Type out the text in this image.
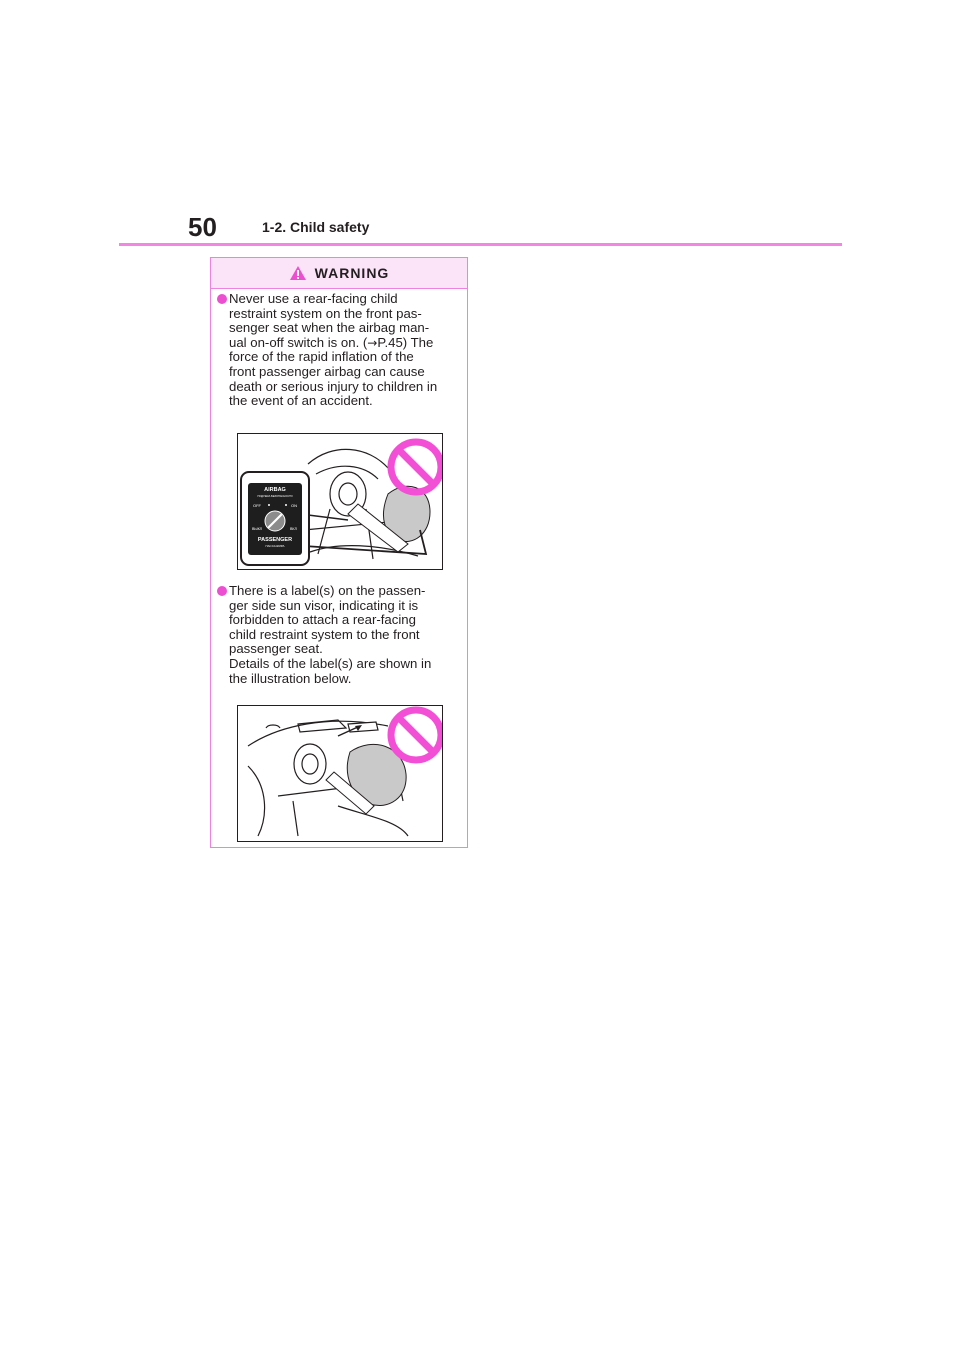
50	1-2. Child safety
WARNING
Never use a rear-facing child
restraint system on the front pas-
senger seat when the airbag man-
ual on-off switch is on. (→P.45) The
force of the rapid inflation of the
front passenger airbag can cause
death or serious injury to children in
the event of an accident.
AIRBAG
ПОДУШКА БЕЗОПАСНОСТИ
OFF	ON
ВЫКЛ	ВКЛ
PASSENGER
ПАССАЖИРА
There is a label(s) on the passen-
ger side sun visor, indicating it is
forbidden to attach a rear-facing
child restraint system to the front
passenger seat.
Details of the label(s) are shown in
the illustration below.
